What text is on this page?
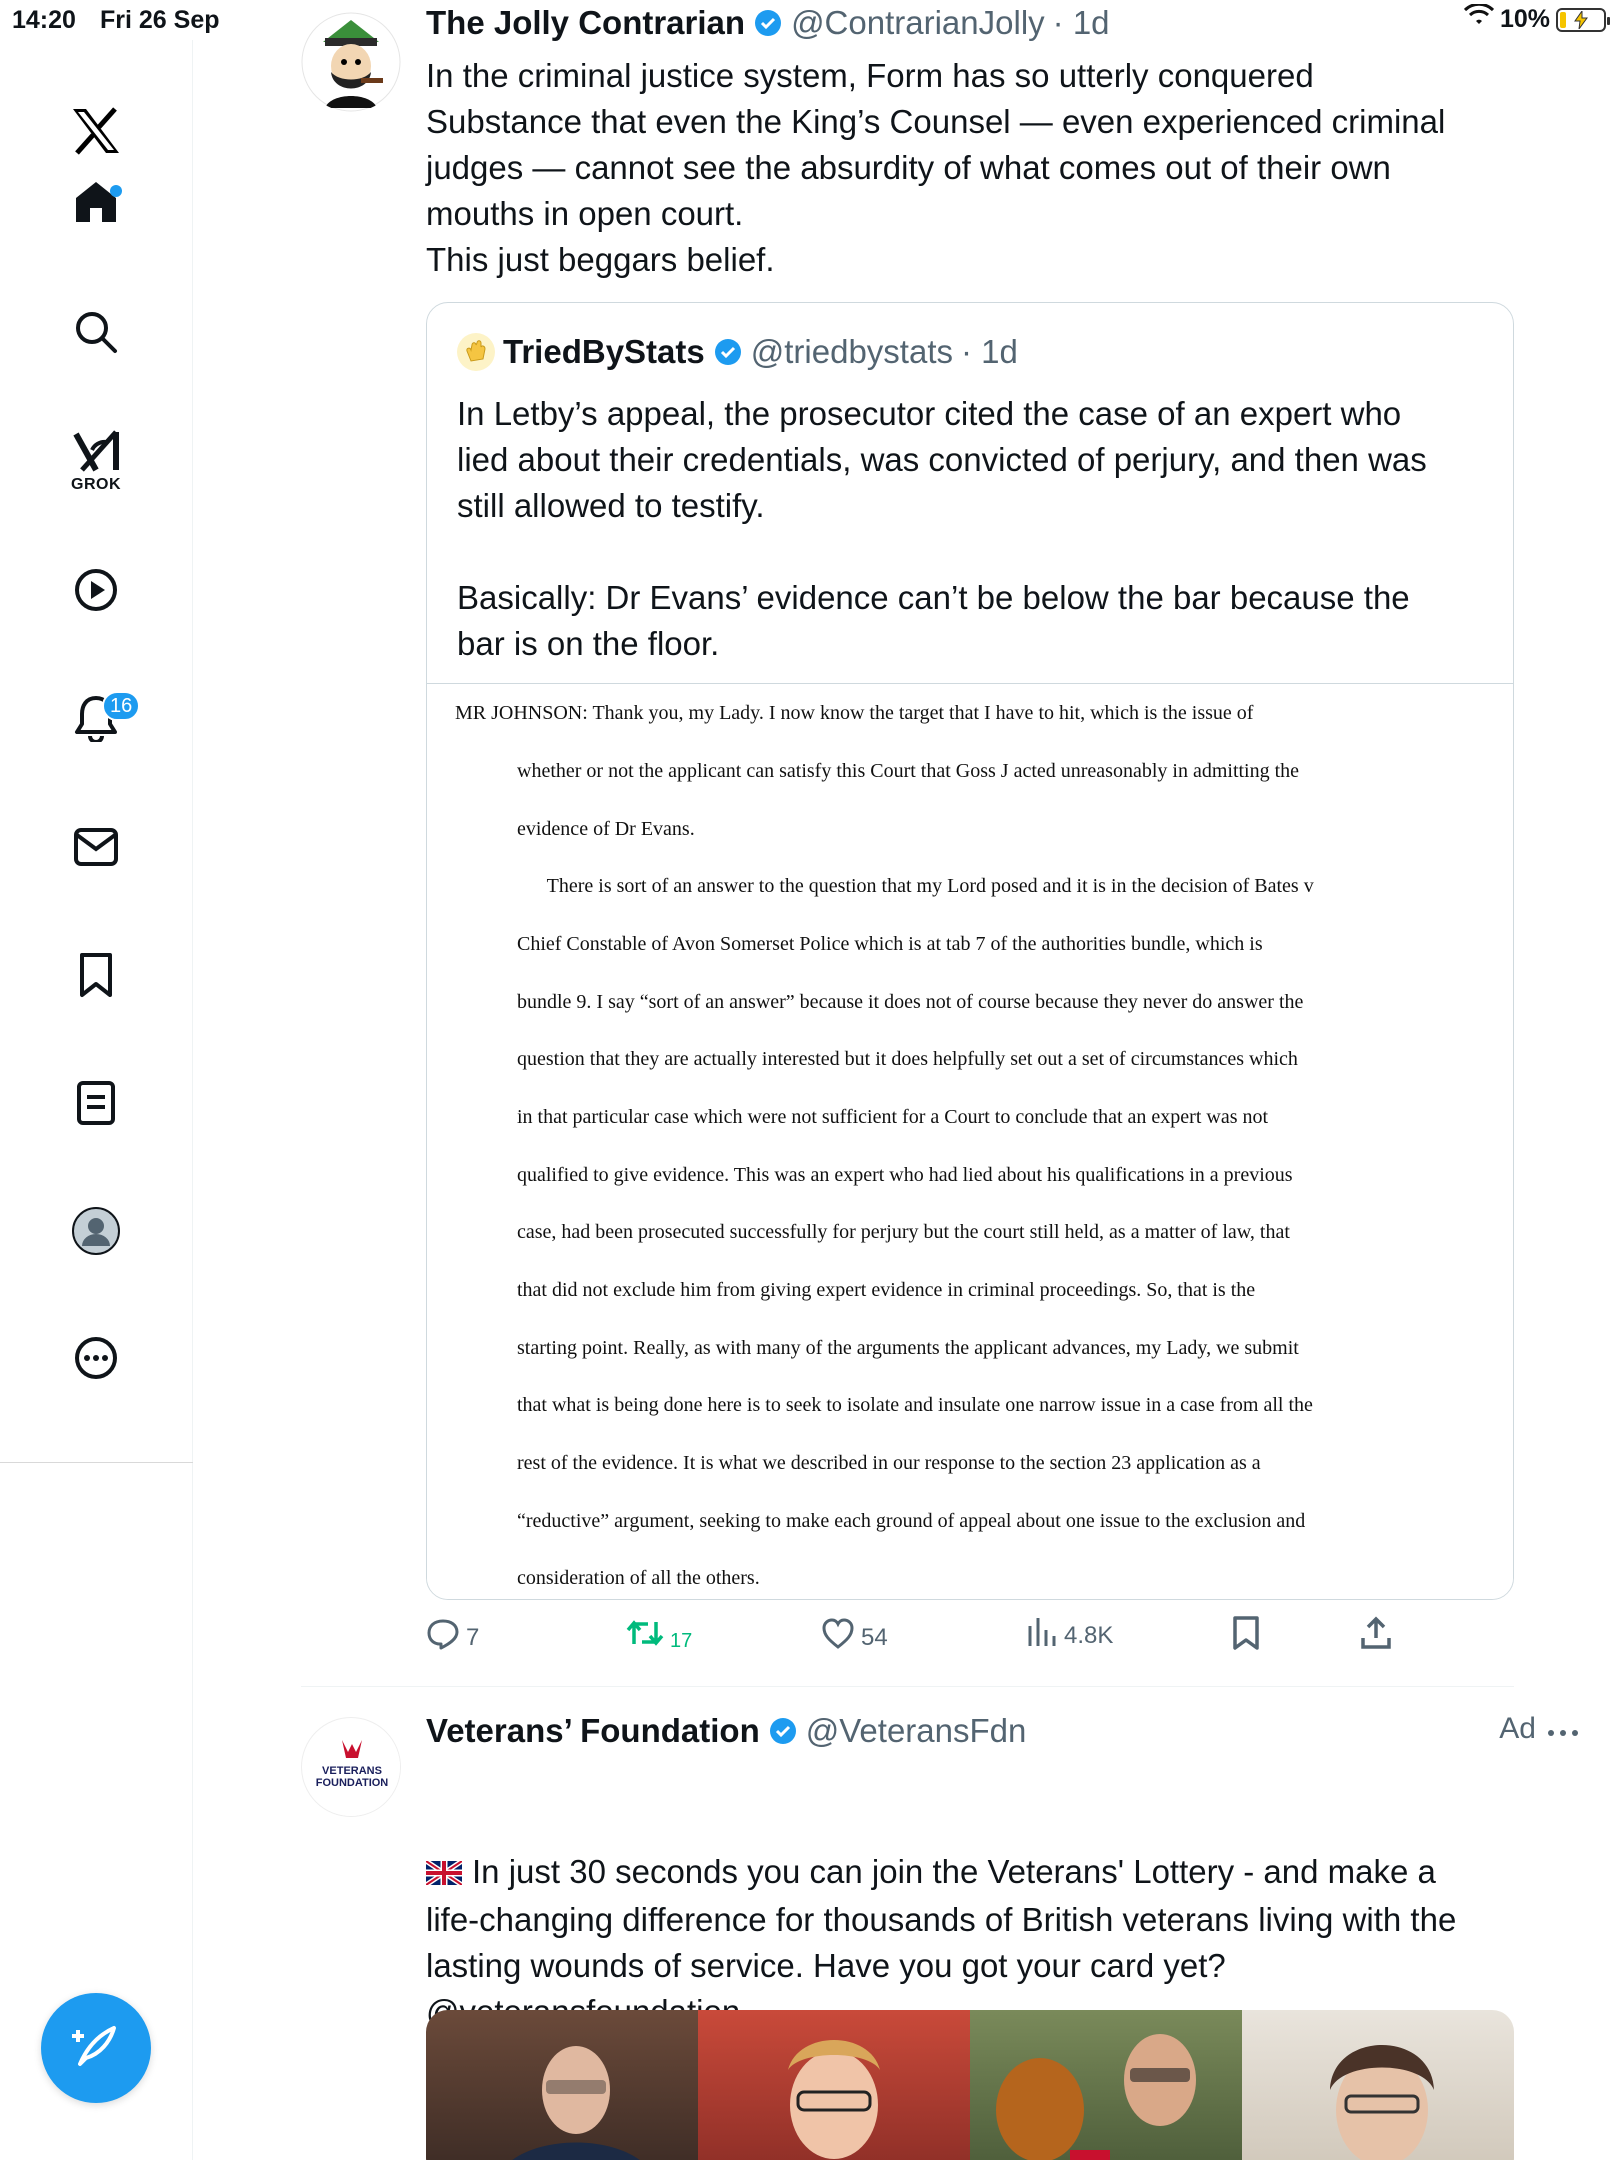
14:20 Fri 26 Sep	10%
GROK
16
The Jolly Contrarian @ContrarianJolly · 1d
In the criminal justice system, Form has so utterly conquered
Substance that even the King’s Counsel — even experienced criminal
judges — cannot see the absurdity of what comes out of their own
mouths in open court.
This just beggars belief.
TriedByStats @triedbystats · 1d
In Letby’s appeal, the prosecutor cited the case of an expert who
lied about their credentials, was convicted of perjury, and then was
still allowed to testify.

Basically: Dr Evans’ evidence can’t be below the bar because the
bar is on the floor.
MR JOHNSON: Thank you, my Lady. I now know the target that I have to hit, which is the issue of
whether or not the applicant can satisfy this Court that Goss J acted unreasonably in admitting the
evidence of Dr Evans.
There is sort of an answer to the question that my Lord posed and it is in the decision of Bates v
Chief Constable of Avon Somerset Police which is at tab 7 of the authorities bundle, which is
bundle 9. I say “sort of an answer” because it does not of course because they never do answer the
question that they are actually interested but it does helpfully set out a set of circumstances which
in that particular case which were not sufficient for a Court to conclude that an expert was not
qualified to give evidence. This was an expert who had lied about his qualifications in a previous
case, had been prosecuted successfully for perjury but the court still held, as a matter of law, that
that did not exclude him from giving expert evidence in criminal proceedings. So, that is the
starting point. Really, as with many of the arguments the applicant advances, my Lady, we submit
that what is being done here is to seek to isolate and insulate one narrow issue in a case from all the
rest of the evidence. It is what we described in our response to the section 23 application as a
“reductive” argument, seeking to make each ground of appeal about one issue to the exclusion and
consideration of all the others.
7	17	54	4.8K
VETERANS
FOUNDATION
Veterans’ Foundation @VeteransFdn	Ad

In just 30 seconds you can join the Veterans' Lottery - and make a
life-changing difference for thousands of British veterans living with the
lasting wounds of service. Have you got your card yet?
